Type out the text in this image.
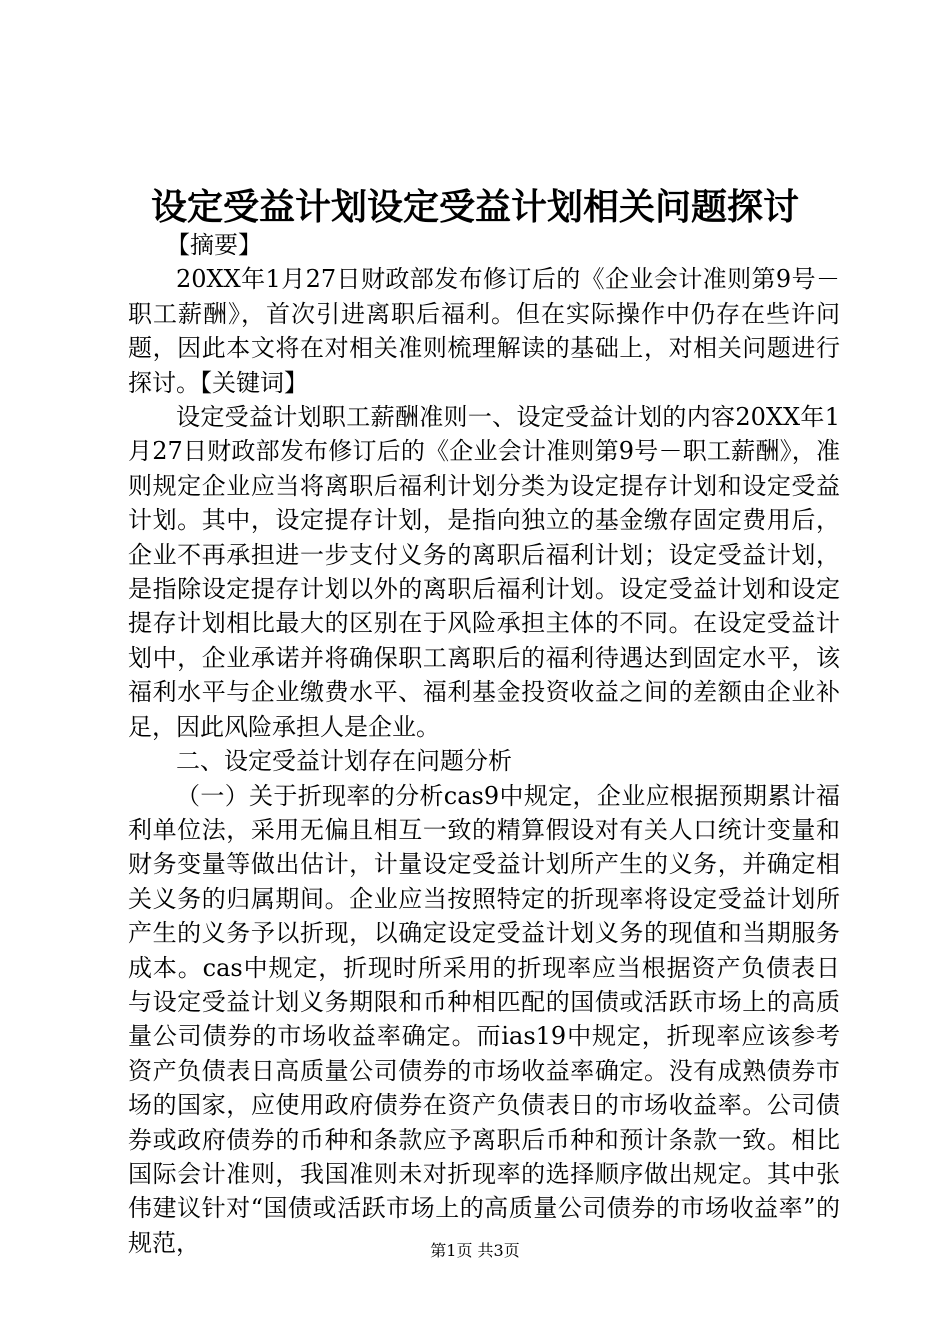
设定受益计划设定受益计划相关问题探讨

【摘要】

20XX年1月27日财政部发布修订后的《企业会计准则第9号－职工薪酬》，首次引进离职后福利。但在实际操作中仍存在些许问题，因此本文将在对相关准则梳理解读的基础上，对相关问题进行探讨。【关键词】

设定受益计划职工薪酬准则一、设定受益计划的内容20XX年1月27日财政部发布修订后的《企业会计准则第9号－职工薪酬》，准则规定企业应当将离职后福利计划分类为设定提存计划和设定受益计划。其中，设定提存计划，是指向独立的基金缴存固定费用后，企业不再承担进一步支付义务的离职后福利计划；设定受益计划，是指除设定提存计划以外的离职后福利计划。设定受益计划和设定提存计划相比最大的区别在于风险承担主体的不同。在设定受益计划中，企业承诺并将确保职工离职后的福利待遇达到固定水平，该福利水平与企业缴费水平、福利基金投资收益之间的差额由企业补足，因此风险承担人是企业。

二、设定受益计划存在问题分析

（一）关于折现率的分析cas9中规定，企业应根据预期累计福利单位法，采用无偏且相互一致的精算假设对有关人口统计变量和财务变量等做出估计，计量设定受益计划所产生的义务，并确定相关义务的归属期间。企业应当按照特定的折现率将设定受益计划所产生的义务予以折现，以确定设定受益计划义务的现值和当期服务成本。cas中规定，折现时所采用的折现率应当根据资产负债表日与设定受益计划义务期限和币种相匹配的国债或活跃市场上的高质量公司债券的市场收益率确定。而ias19中规定，折现率应该参考资产负债表日高质量公司债券的市场收益率确定。没有成熟债券市场的国家，应使用政府债券在资产负债表日的市场收益率。公司债券或政府债券的币种和条款应予离职后币种和预计条款一致。相比国际会计准则，我国准则未对折现率的选择顺序做出规定。其中张伟建议针对“国债或活跃市场上的高质量公司债券的市场收益率”的规范，	第1页 共3页
